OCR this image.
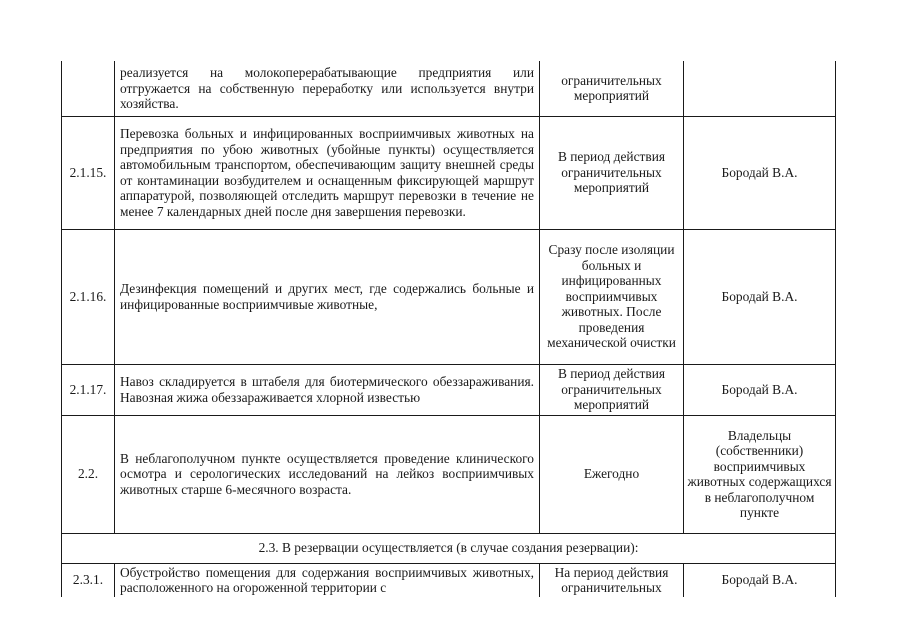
	реализуется на молокоперерабатывающие предприятия или отгружается на собственную переработку или используется внутри хозяйства.	ограничительных мероприятий	

2.1.15.	Перевозка больных и инфицированных восприимчивых животных на предприятия по убою животных (убойные пункты) осуществляется автомобильным транспортом, обеспечивающим защиту внешней среды от контаминации возбудителем и оснащенным фиксирующей маршрут аппаратурой, позволяющей отследить маршрут перевозки в течение не менее 7 календарных дней после дня завершения перевозки.	В период действия ограничительных мероприятий	Бородай В.А.
2.1.16.	Дезинфекция помещений и других мест, где содержались больные и инфицированные восприимчивые животные,	Сразу после изоляции больных и инфицированных восприимчивых животных. После проведения механической очистки	Бородай В.А.
2.1.17.	Навоз складируется в штабеля для биотермического обеззараживания. Навозная жижа обеззараживается хлорной известью	В период действия ограничительных мероприятий	Бородай В.А.
2.2.	В неблагополучном пункте осуществляется проведение клинического осмотра и серологических исследований на лейкоз восприимчивых животных старше 6-месячного возраста.	Ежегодно	Владельцы (собственники) восприимчивых животных содержащихся в неблагополучном пункте

2.3. В резервации осуществляется (в случае создания резервации):			
2.3.1.	Обустройство помещения для содержания восприимчивых животных, расположенного на огороженной территории с	На период действия ограничительных	Бородай В.А.
